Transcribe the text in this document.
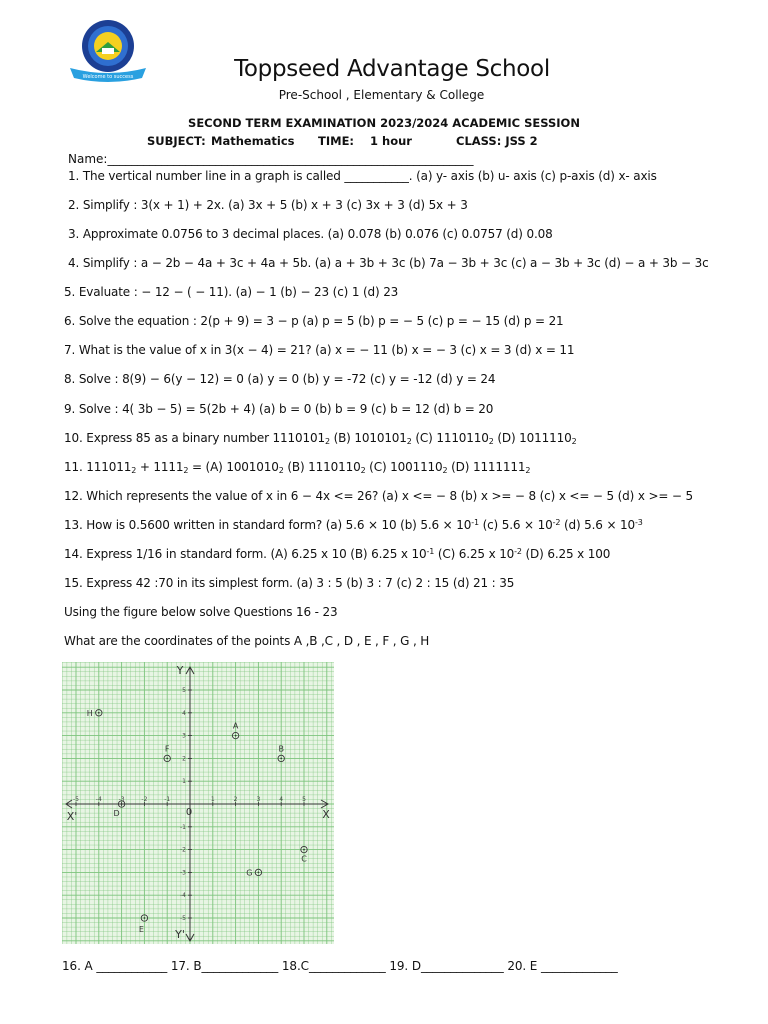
Welcome to success	Toppseed Advantage School
Pre-School , Elementary & College
SECOND TERM EXAMINATION 2023/2024 ACADEMIC SESSION
SUBJECT: Mathematics TIME: 1 hour	CLASS: JSS 2
Name:_____________________________________________________________
1. The vertical number line in a graph is called ___________. (a) y- axis (b) u- axis (c) p-axis (d) x- axis
2. Simplify : 3(x + 1) + 2x. (a) 3x + 5 (b) x + 3 (c) 3x + 3 (d) 5x + 3
3. Approximate 0.0756 to 3 decimal places. (a) 0.078 (b) 0.076 (c) 0.0757 (d) 0.08
4. Simplify : a − 2b − 4a + 3c + 4a + 5b. (a) a + 3b + 3c (b) 7a − 3b + 3c (c) a − 3b + 3c (d) − a + 3b − 3c
5. Evaluate : − 12 − ( − 11). (a) − 1 (b) − 23 (c) 1 (d) 23
6. Solve the equation : 2(p + 9) = 3 − p (a) p = 5 (b) p = − 5 (c) p = − 15 (d) p = 21
7. What is the value of x in 3(x − 4) = 21? (a) x = − 11 (b) x = − 3 (c) x = 3 (d) x = 11
8. Solve : 8(9) − 6(y − 12) = 0 (a) y = 0 (b) y = -72 (c) y = -12 (d) y = 24
9. Solve : 4( 3b − 5) = 5(2b + 4) (a) b = 0 (b) b = 9 (c) b = 12 (d) b = 20
10. Express 85 as a binary number $1110101_2$ (B) $1010101_2$ (C) $1110110_2$ (D) $1011110_2$
11. $111011_2 + 1111_2 = (A)$ $1001010_2$ (B) $1110110_2$ (C) $1001110_2$ (D) $1111111_2$
12. Which represents the value of x in 6 − 4x <= 26? (a) x <= − 8 (b) x >= − 8 (c) x <= − 5 (d) x >= − 5
13. How is 0.5600 written in standard form? (a) 5.6 × 10 (b) $5.6 \times 10^{-1}$ (c) $5.6 \times 10^{-2}$ (d) $5.6 \times 10^{-3}$
14. Express 1/16 in standard form. (A) 6.25 x 10 (B) 6.25 x $10^{-1}$ (C) 6.25 x $10^{-2}$ (D) 6.25 x 100
15. Express 42 :70 in its simplest form. (a) 3 : 5 (b) 3 : 7 (c) 2 : 15 (d) 21 : 35
Using the figure below solve Questions 16 - 23
What are the coordinates of the points A ,B ,C , D , E , F , G , H
Y
Y'
X
X'	0
-5	-4	-3	-2	-1	1	2	3	4	5
5
4
3
2
1
-1
-2
-3
-4
-5
A
B
C
D
E
F
G
H
16. A ____________ 17. B_____________ 18.C_____________ 19. D______________ 20. E _____________
